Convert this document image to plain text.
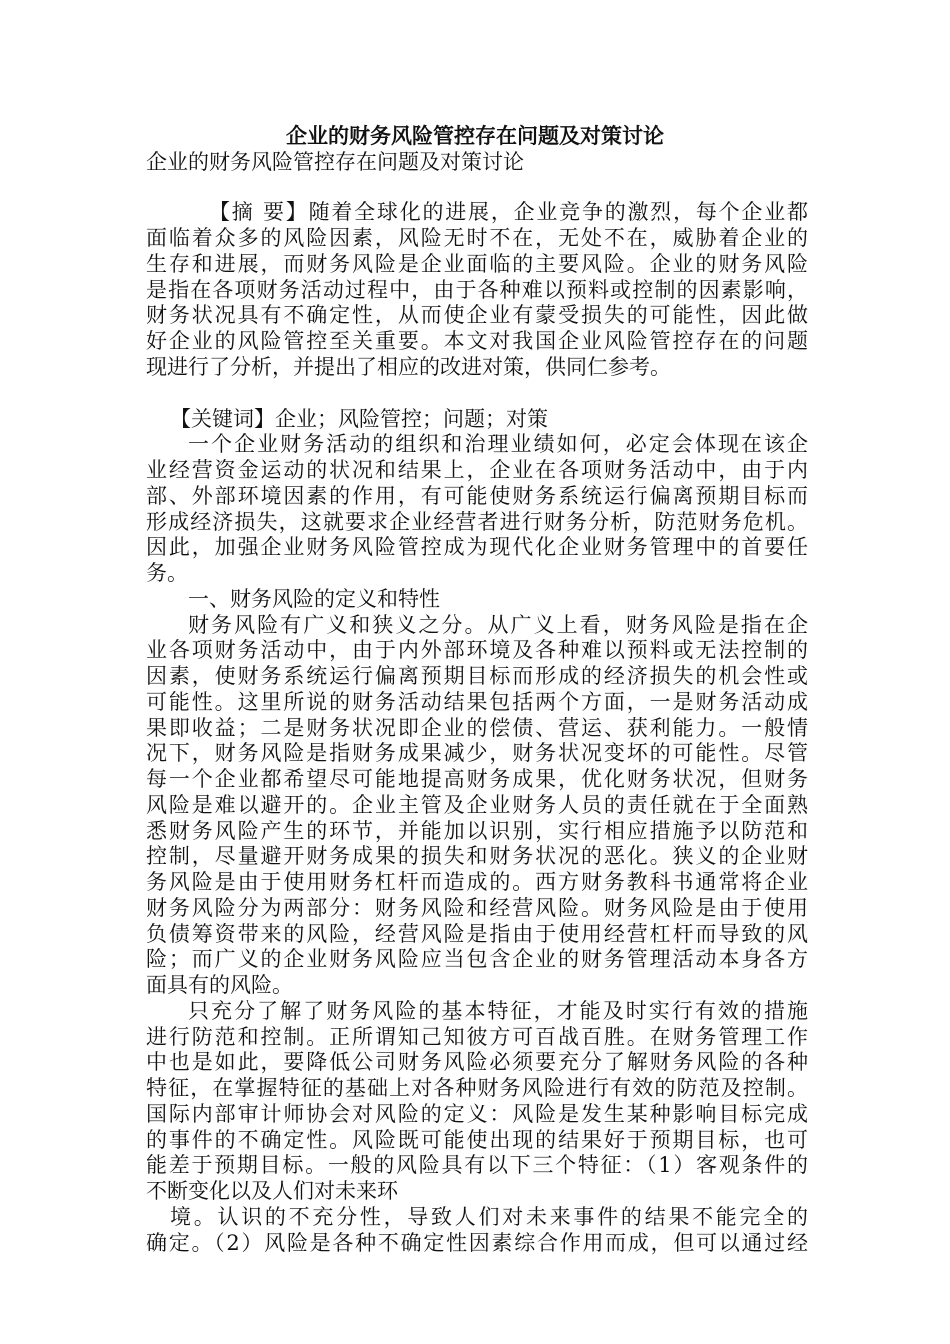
企业的财务风险管控存在问题及对策讨论

企业的财务风险管控存在问题及对策讨论

【摘 要】随着全球化的进展，企业竞争的激烈，每个企业都

面临着众多的风险因素，风险无时不在，无处不在，威胁着企业的

生存和进展，而财务风险是企业面临的主要风险。企业的财务风险

是指在各项财务活动过程中，由于各种难以预料或控制的因素影响，

财务状况具有不确定性，从而使企业有蒙受损失的可能性，因此做

好企业的风险管控至关重要。本文对我国企业风险管控存在的问题

现进行了分析，并提出了相应的改进对策，供同仁参考。

【关键词】企业；风险管控；问题；对策

一个企业财务活动的组织和治理业绩如何，必定会体现在该企

业经营资金运动的状况和结果上，企业在各项财务活动中，由于内

部、外部环境因素的作用，有可能使财务系统运行偏离预期目标而

形成经济损失，这就要求企业经营者进行财务分析，防范财务危机。

因此，加强企业财务风险管控成为现代化企业财务管理中的首要任

务。

一、财务风险的定义和特性

财务风险有广义和狭义之分。从广义上看，财务风险是指在企

业各项财务活动中，由于内外部环境及各种难以预料或无法控制的

因素，使财务系统运行偏离预期目标而形成的经济损失的机会性或

可能性。这里所说的财务活动结果包括两个方面，一是财务活动成

果即收益；二是财务状况即企业的偿债、营运、获利能力。一般情

况下，财务风险是指财务成果减少，财务状况变坏的可能性。尽管

每一个企业都希望尽可能地提高财务成果，优化财务状况，但财务

风险是难以避开的。企业主管及企业财务人员的责任就在于全面熟

悉财务风险产生的环节，并能加以识别，实行相应措施予以防范和

控制，尽量避开财务成果的损失和财务状况的恶化。狭义的企业财

务风险是由于使用财务杠杆而造成的。西方财务教科书通常将企业

财务风险分为两部分：财务风险和经营风险。财务风险是由于使用

负债筹资带来的风险，经营风险是指由于使用经营杠杆而导致的风

险；而广义的企业财务风险应当包含企业的财务管理活动本身各方

面具有的风险。

只充分了解了财务风险的基本特征，才能及时实行有效的措施

进行防范和控制。正所谓知己知彼方可百战百胜。在财务管理工作

中也是如此，要降低公司财务风险必须要充分了解财务风险的各种

特征，在掌握特征的基础上对各种财务风险进行有效的防范及控制。

国际内部审计师协会对风险的定义：风险是发生某种影响目标完成

的事件的不确定性。风险既可能使出现的结果好于预期目标，也可

能差于预期目标。一般的风险具有以下三个特征：（1）客观条件的

不断变化以及人们对未来环

境。认识的不充分性，导致人们对未来事件的结果不能完全的

确定。（2）风险是各种不确定性因素综合作用而成，但可以通过经
